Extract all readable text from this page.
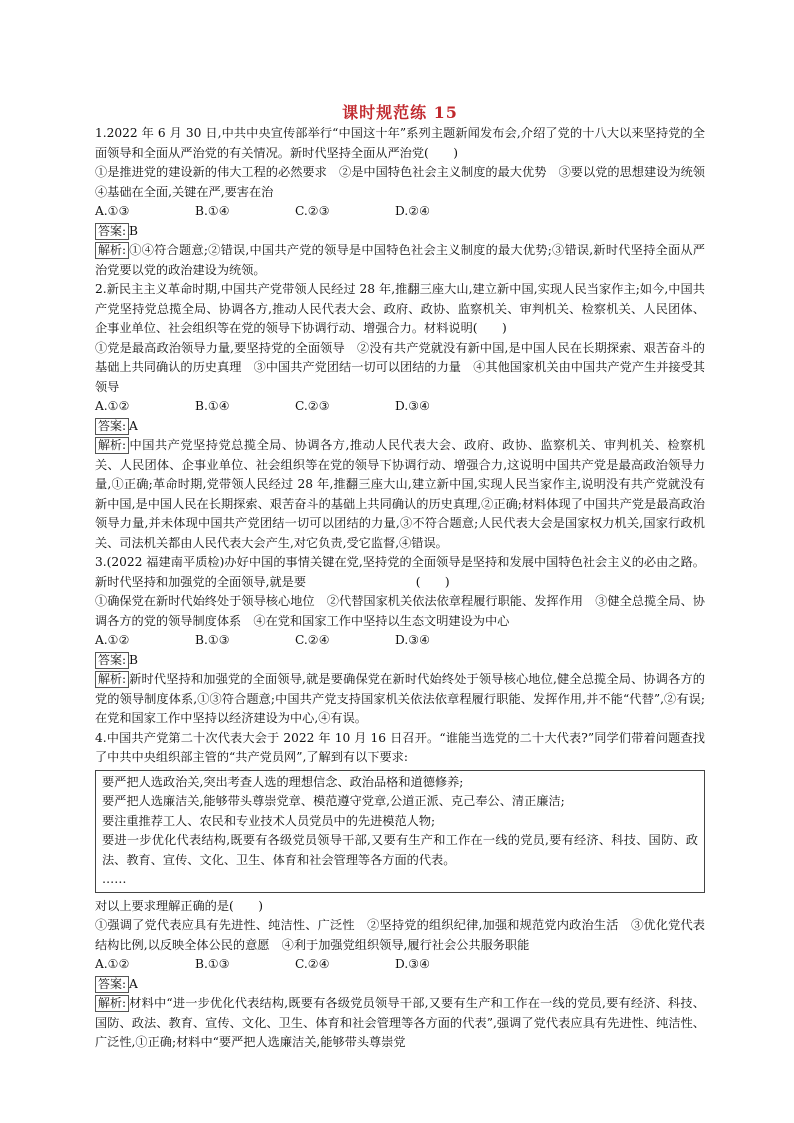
课时规范练 15

1.2022 年 6 月 30 日,中共中央宣传部举行“中国这十年”系列主题新闻发布会,介绍了党的十八大以来坚持党的全面领导和全面从严治党的有关情况。新时代坚持全面从严治党(　　)

①是推进党的建设新的伟大工程的必然要求　②是中国特色社会主义制度的最大优势　③要以党的思想建设为统领　④基础在全面,关键在严,要害在治

A.①③	B.①④	C.②③	D.②④
答案: B

解析: ①④符合题意;②错误,中国共产党的领导是中国特色社会主义制度的最大优势;③错误,新时代坚持全面从严治党要以党的政治建设为统领。

2.新民主主义革命时期,中国共产党带领人民经过 28 年,推翻三座大山,建立新中国,实现人民当家作主;如今,中国共产党坚持党总揽全局、协调各方,推动人民代表大会、政府、政协、监察机关、审判机关、检察机关、人民团体、企事业单位、社会组织等在党的领导下协调行动、增强合力。材料说明(　　)

①党是最高政治领导力量,要坚持党的全面领导　②没有共产党就没有新中国,是中国人民在长期探索、艰苦奋斗的基础上共同确认的历史真理　③中国共产党团结一切可以团结的力量　④其他国家机关由中国共产党产生并接受其领导

A.①②	B.①④	C.②③	D.③④
答案: A

解析: 中国共产党坚持党总揽全局、协调各方,推动人民代表大会、政府、政协、监察机关、审判机关、检察机关、人民团体、企事业单位、社会组织等在党的领导下协调行动、增强合力,这说明中国共产党是最高政治领导力量,①正确;革命时期,党带领人民经过 28 年,推翻三座大山,建立新中国,实现人民当家作主,说明没有共产党就没有新中国,是中国人民在长期探索、艰苦奋斗的基础上共同确认的历史真理,②正确;材料体现了中国共产党是最高政治领导力量,并未体现中国共产党团结一切可以团结的力量,③不符合题意;人民代表大会是国家权力机关,国家行政机关、司法机关都由人民代表大会产生,对它负责,受它监督,④错误。

3.(2022 福建南平质检)办好中国的事情关键在党,坚持党的全面领导是坚持和发展中国特色社会主义的必由之路。新时代坚持和加强党的全面领导,就是要　　　　　　　　　(　　)

①确保党在新时代始终处于领导核心地位　②代替国家机关依法依章程履行职能、发挥作用　③健全总揽全局、协调各方的党的领导制度体系　④在党和国家工作中坚持以生态文明建设为中心

A.①②	B.①③	C.②④	D.③④
答案: B

解析: 新时代坚持和加强党的全面领导,就是要确保党在新时代始终处于领导核心地位,健全总揽全局、协调各方的党的领导制度体系,①③符合题意;中国共产党支持国家机关依法依章程履行职能、发挥作用,并不能“代替”,②有误;在党和国家工作中坚持以经济建设为中心,④有误。

4.中国共产党第二十次代表大会于 2022 年 10 月 16 日召开。“谁能当选党的二十大代表?”同学们带着问题查找了中共中央组织部主管的“共产党员网”,了解到有以下要求:

要严把人选政治关,突出考查人选的理想信念、政治品格和道德修养;

要严把人选廉洁关,能够带头尊崇党章、模范遵守党章,公道正派、克己奉公、清正廉洁;

要注重推荐工人、农民和专业技术人员党员中的先进模范人物;

要进一步优化代表结构,既要有各级党员领导干部,又要有生产和工作在一线的党员,要有经济、科技、国防、政法、教育、宣传、文化、卫生、体育和社会管理等各方面的代表。

……

对以上要求理解正确的是(　　)

①强调了党代表应具有先进性、纯洁性、广泛性　②坚持党的组织纪律,加强和规范党内政治生活　③优化党代表结构比例,以反映全体公民的意愿　④利于加强党组织领导,履行社会公共服务职能

A.①②	B.①③	C.②④	D.③④
答案: A

解析: 材料中“进一步优化代表结构,既要有各级党员领导干部,又要有生产和工作在一线的党员,要有经济、科技、国防、政法、教育、宣传、文化、卫生、体育和社会管理等各方面的代表”,强调了党代表应具有先进性、纯洁性、广泛性,①正确;材料中“要严把人选廉洁关,能够带头尊崇党
